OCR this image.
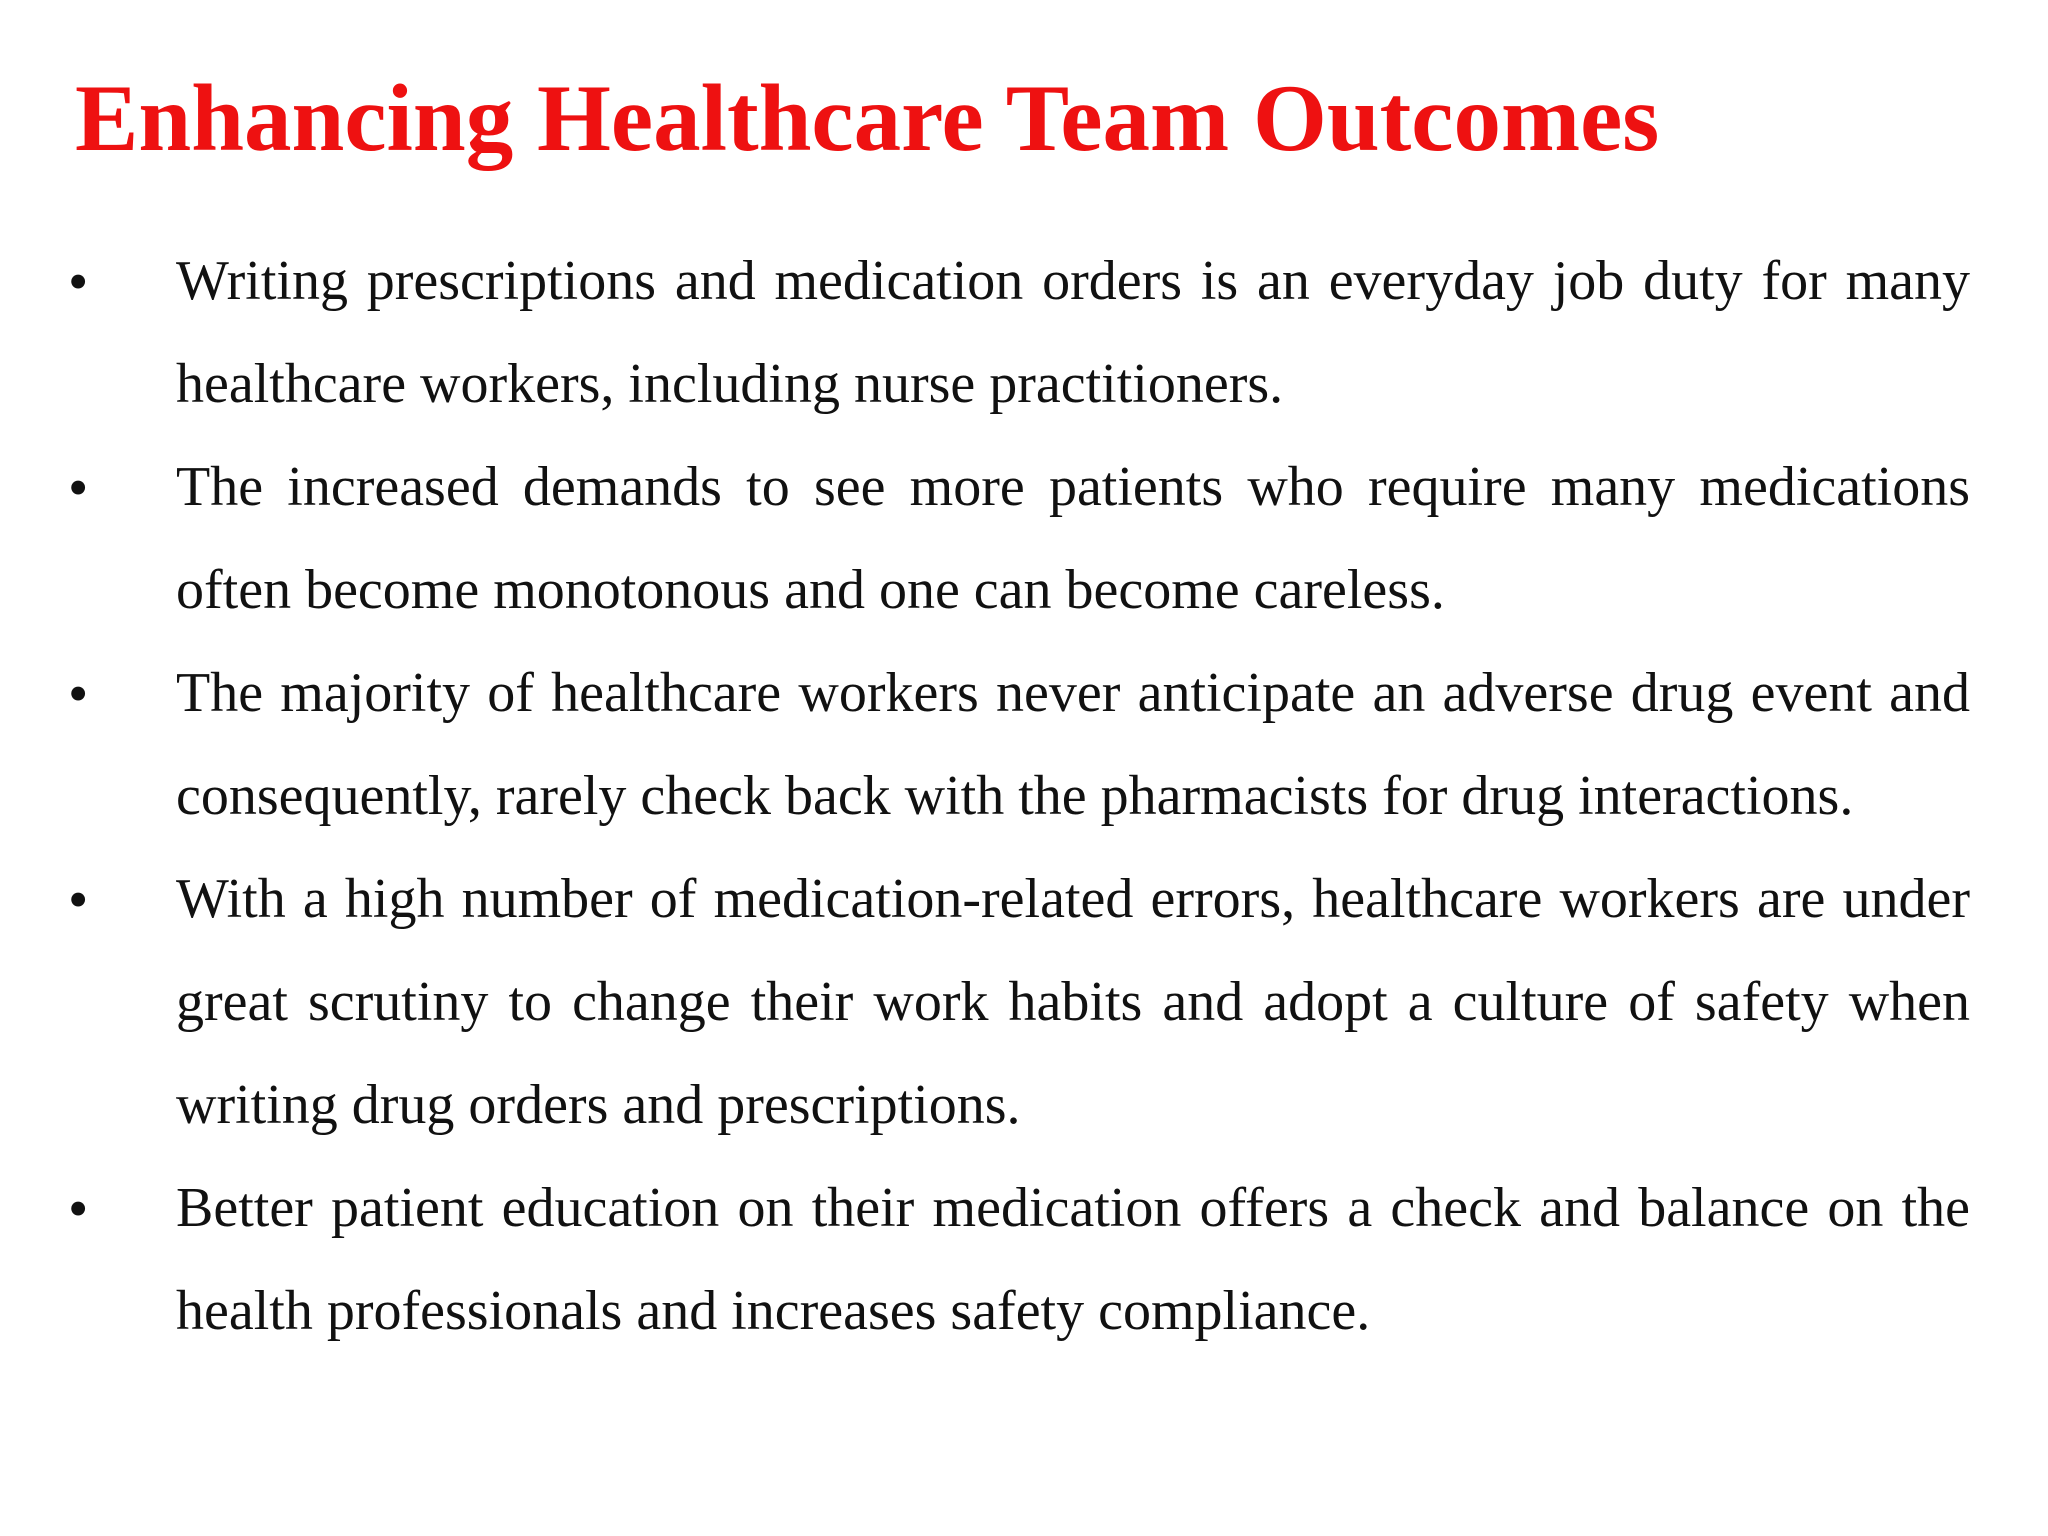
Enhancing Healthcare Team Outcomes
•	Writing prescriptions and medication orders is an everyday job duty for many healthcare workers, including nurse practitioners.
•	The increased demands to see more patients who require many medications often become monotonous and one can become careless.
•	The majority of healthcare workers never anticipate an adverse drug event and consequently, rarely check back with the pharmacists for drug interactions.
•	With a high number of medication-related errors, healthcare workers are under great scrutiny to change their work habits and adopt a culture of safety when writing drug orders and prescriptions.
•	Better patient education on their medication offers a check and balance on the health professionals and increases safety compliance.
